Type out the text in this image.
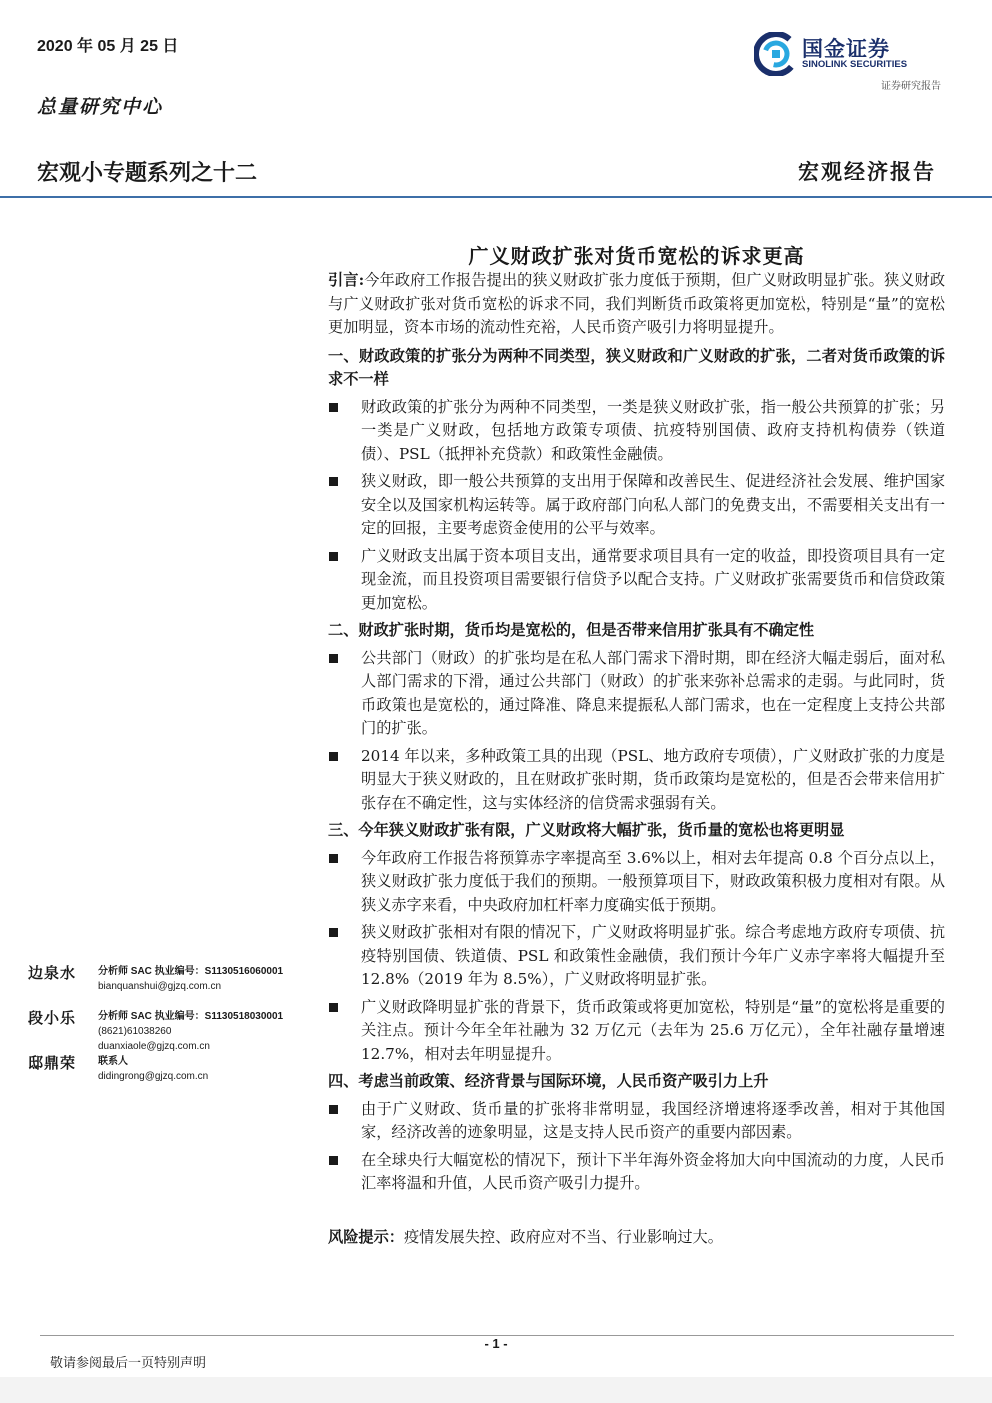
2020 年 05 月 25 日
总量研究中心
宏观小专题系列之十二	宏观经济报告
国金证券
SINOLINK SECURITIES
证券研究报告
广义财政扩张对货币宽松的诉求更高

引言:今年政府工作报告提出的狭义财政扩张力度低于预期，但广义财政明显扩张。狭义财政与广义财政扩张对货币宽松的诉求不同，我们判断货币政策将更加宽松，特别是“量”的宽松更加明显，资本市场的流动性充裕，人民币资产吸引力将明显提升。

一、财政政策的扩张分为两种不同类型，狭义财政和广义财政的扩张，二者对货币政策的诉求不一样

财政政策的扩张分为两种不同类型，一类是狭义财政扩张，指一般公共预算的扩张；另一类是广义财政，包括地方政策专项债、抗疫特别国债、政府支持机构债券（铁道债）、PSL（抵押补充贷款）和政策性金融债。

狭义财政，即一般公共预算的支出用于保障和改善民生、促进经济社会发展、维护国家安全以及国家机构运转等。属于政府部门向私人部门的免费支出，不需要相关支出有一定的回报，主要考虑资金使用的公平与效率。

广义财政支出属于资本项目支出，通常要求项目具有一定的收益，即投资项目具有一定现金流，而且投资项目需要银行信贷予以配合支持。广义财政扩张需要货币和信贷政策更加宽松。

二、财政扩张时期，货币均是宽松的，但是否带来信用扩张具有不确定性

公共部门（财政）的扩张均是在私人部门需求下滑时期，即在经济大幅走弱后，面对私人部门需求的下滑，通过公共部门（财政）的扩张来弥补总需求的走弱。与此同时，货币政策也是宽松的，通过降准、降息来提振私人部门需求，也在一定程度上支持公共部门的扩张。

2014 年以来，多种政策工具的出现（PSL、地方政府专项债），广义财政扩张的力度是明显大于狭义财政的，且在财政扩张时期，货币政策均是宽松的，但是否会带来信用扩张存在不确定性，这与实体经济的信贷需求强弱有关。

三、今年狭义财政扩张有限，广义财政将大幅扩张，货币量的宽松也将更明显

今年政府工作报告将预算赤字率提高至 3.6%以上，相对去年提高 0.8 个百分点以上，狭义财政扩张力度低于我们的预期。一般预算项目下，财政政策积极力度相对有限。从狭义赤字来看，中央政府加杠杆率力度确实低于预期。

狭义财政扩张相对有限的情况下，广义财政将明显扩张。综合考虑地方政府专项债、抗疫特别国债、铁道债、PSL 和政策性金融债，我们预计今年广义赤字率将大幅提升至 12.8%（2019 年为 8.5%），广义财政将明显扩张。

广义财政降明显扩张的背景下，货币政策或将更加宽松，特别是“量”的宽松将是重要的关注点。预计今年全年社融为 32 万亿元（去年为 25.6 万亿元），全年社融存量增速 12.7%，相对去年明显提升。

四、考虑当前政策、经济背景与国际环境，人民币资产吸引力上升

由于广义财政、货币量的扩张将非常明显，我国经济增速将逐季改善，相对于其他国家，经济改善的迹象明显，这是支持人民币资产的重要内部因素。

在全球央行大幅宽松的情况下，预计下半年海外资金将加大向中国流动的力度，人民币汇率将温和升值，人民币资产吸引力提升。

风险提示：疫情发展失控、政府应对不当、行业影响过大。

边泉水 分析师 SAC 执业编号：S1130516060001
bianquanshui@gjzq.com.cn
段小乐 分析师 SAC 执业编号：S1130518030001
(8621)61038260
duanxiaole@gjzq.com.cn
邸鼎荣 联系人
didingrong@gjzq.com.cn
- 1 -
敬请参阅最后一页特别声明
